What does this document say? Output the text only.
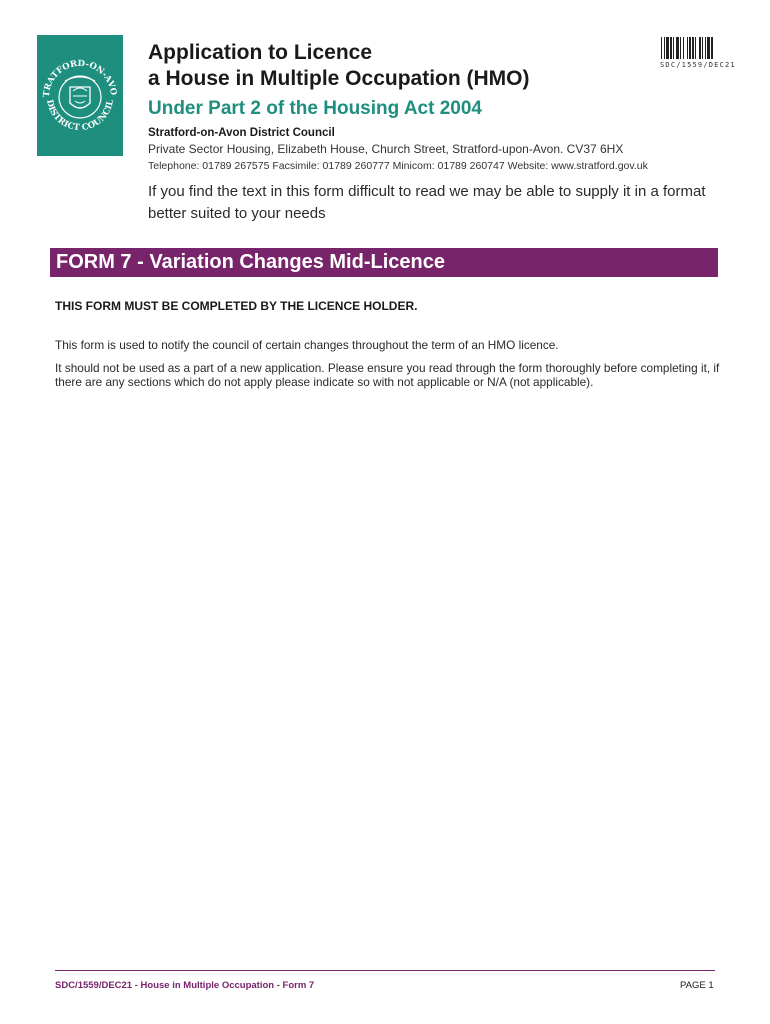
TRATFORD-ON-AVO
DISTRICT COUNCIL
Application to Licence
a House in Multiple Occupation (HMO)
Under Part 2 of the Housing Act 2004
Stratford-on-Avon District Council
Private Sector Housing, Elizabeth House, Church Street, Stratford-upon-Avon. CV37 6HX
Telephone: 01789 267575 Facsimile: 01789 260777 Minicom: 01789 260747 Website: www.stratford.gov.uk
If you find the text in this form difficult to read we may be able to supply it in a format better suited to your needs
SDC/1559/DEC21
FORM 7 - Variation Changes Mid-Licence
THIS FORM MUST BE COMPLETED BY THE LICENCE HOLDER.
This form is used to notify the council of certain changes throughout the term of an HMO licence.
It should not be used as a part of a new application. Please ensure you read through the form thoroughly before completing it, if there are any sections which do not apply please indicate so with not applicable or N/A (not applicable).
SDC/1559/DEC21 - House in Multiple Occupation - Form 7	PAGE 1
